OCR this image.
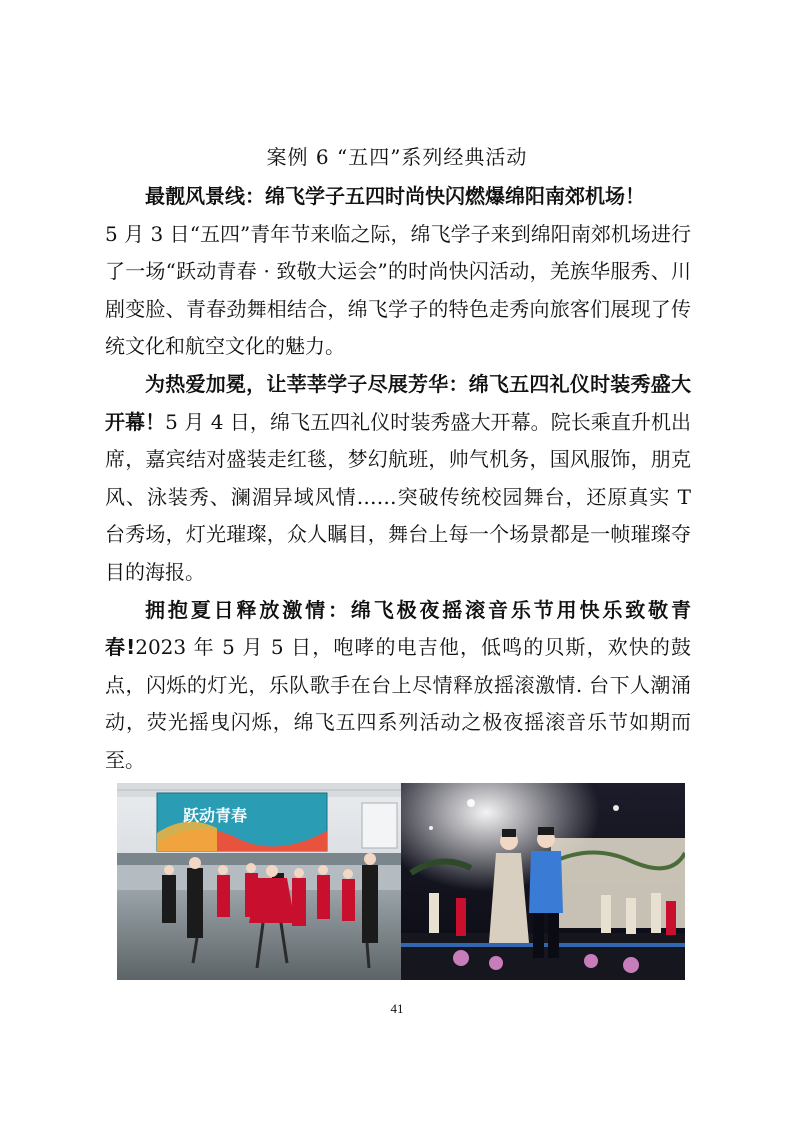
案例 6 “五四”系列经典活动

最靓风景线：绵飞学子五四时尚快闪燃爆绵阳南郊机场！

5 月 3 日“五四”青年节来临之际，绵飞学子来到绵阳南郊机场进行了一场“跃动青春 · 致敬大运会”的时尚快闪活动，羌族华服秀、川剧变脸、青春劲舞相结合，绵飞学子的特色走秀向旅客们展现了传统文化和航空文化的魅力。

为热爱加冕，让莘莘学子尽展芳华：绵飞五四礼仪时装秀盛大开幕！5 月 4 日，绵飞五四礼仪时装秀盛大开幕。院长乘直升机出席，嘉宾结对盛装走红毯，梦幻航班，帅气机务，国风服饰，朋克风、泳装秀、澜湄异域风情……突破传统校园舞台，还原真实 T 台秀场，灯光璀璨，众人瞩目，舞台上每一个场景都是一帧璀璨夺目的海报。

拥抱夏日释放激情：绵飞极夜摇滚音乐节用快乐致敬青春!2023 年 5 月 5 日，咆哮的电吉他，低鸣的贝斯，欢快的鼓点，闪烁的灯光，乐队歌手在台上尽情释放摇滚激情. 台下人潮涌动，荧光摇曳闪烁，绵飞五四系列活动之极夜摇滚音乐节如期而至。

跃动青春
41
